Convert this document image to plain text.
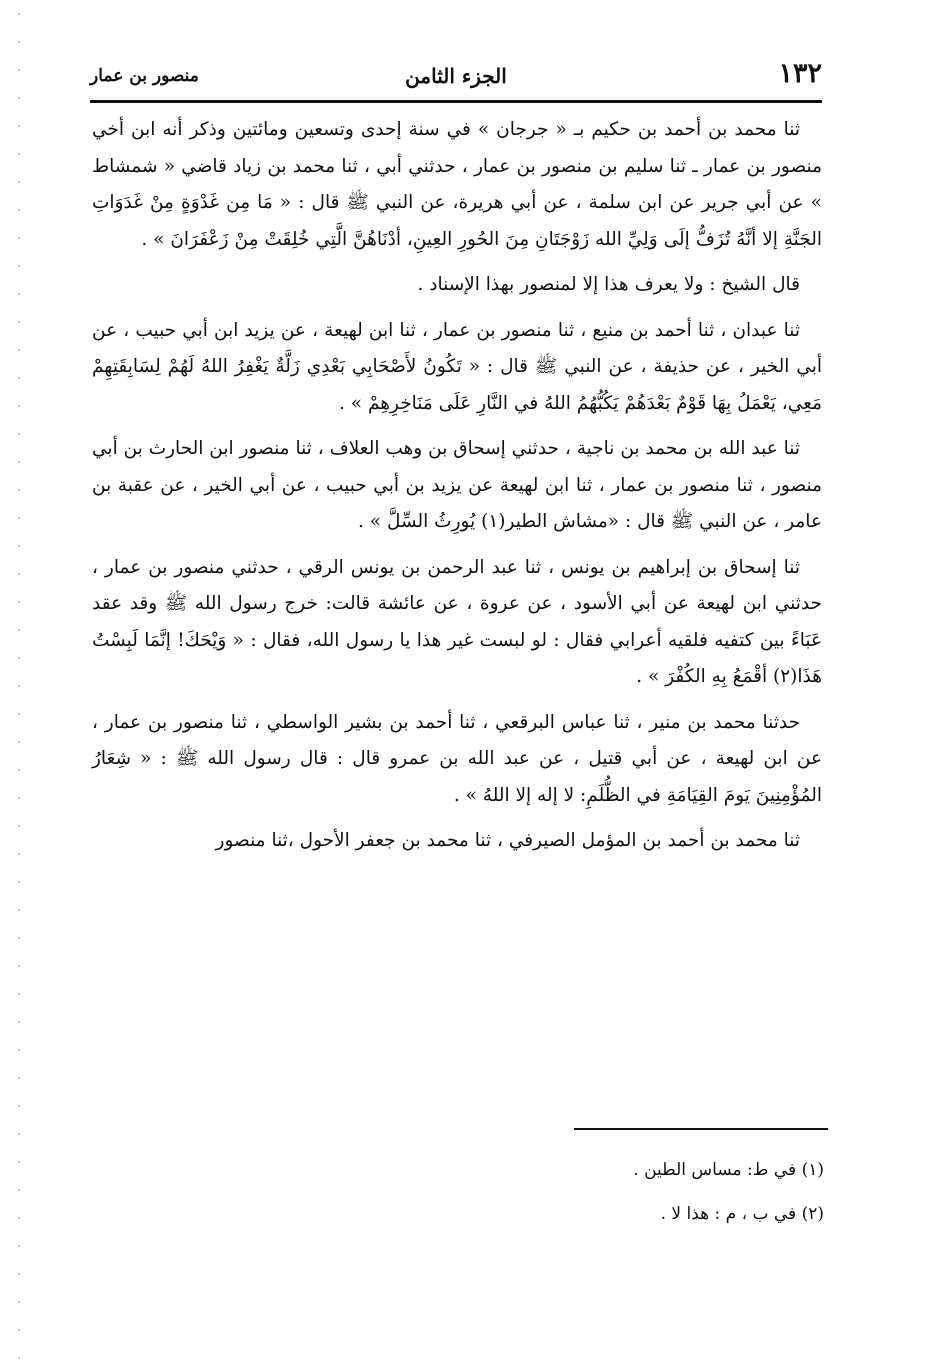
١٣٢
الجزء الثامن
منصور بن عمار

ثنا محمد بن أحمد بن حكيم بـ « جرجان » في سنة إحدى وتسعين ومائتين وذكر أنه ابن أخي منصور بن عمار ـ ثنا سليم بن منصور بن عمار ، حدثني أبي ، ثنا محمد بن زياد قاضي « شمشاط » عن أبي جرير عن ابن سلمة ، عن أبي هريرة، عن النبي ﷺ قال : « مَا مِن غَدْوَةٍ مِنْ غَدَوَاتِ الجَنَّةِ إلا أنَّهُ تُزَفُّ إلَى وَلِيِّ الله زَوْجَتَانِ مِنَ الحُورِ العِينِ، أدْنَاهُنَّ الَّتِي خُلِقَتْ مِنْ زَعْفَرَانَ » .

قال الشيخ : ولا يعرف هذا إلا لمنصور بهذا الإسناد .

ثنا عبدان ، ثنا أحمد بن منيع ، ثنا منصور بن عمار ، ثنا ابن لهيعة ، عن يزيد ابن أبي حبيب ، عن أبي الخير ، عن حذيفة ، عن النبي ﷺ قال : « تَكُونُ لأَصْحَابِي بَعْدِي زَلَّةٌ يَغْفِرُ اللهُ لَهُمْ لِسَابِقَتِهِمْ مَعِي، يَعْمَلُ بِهَا قَوْمٌ بَعْدَهُمْ يَكُبُّهُمُ اللهُ في النَّارِ عَلَى مَنَاخِرِهِمْ » .

ثنا عبد الله بن محمد بن ناجية ، حدثني إسحاق بن وهب العلاف ، ثنا منصور ابن الحارث بن أبي منصور ، ثنا منصور بن عمار ، ثنا ابن لهيعة عن يزيد بن أبي حبيب ، عن أبي الخير ، عن عقبة بن عامر ، عن النبي ﷺ قال : «مشاش الطير(١) يُورِثُ السِّلَّ » .

ثنا إسحاق بن إبراهيم بن يونس ، ثنا عبد الرحمن بن يونس الرقي ، حدثني منصور بن عمار ، حدثني ابن لهيعة عن أبي الأسود ، عن عروة ، عن عائشة قالت: خرج رسول الله ﷺ وقد عقد عَبَاءً بين كتفيه فلقيه أعرابي فقال : لو لبست غير هذا يا رسول الله، فقال : « وَيْحَكَ! إنَّمَا لَبِسْتُ هَذَا(٢) أقْمَعُ بِهِ الكُفْرَ » .

حدثنا محمد بن منير ، ثنا عباس البرقعي ، ثنا أحمد بن بشير الواسطي ، ثنا منصور بن عمار ، عن ابن لهيعة ، عن أبي قتيل ، عن عبد الله بن عمرو قال : قال رسول الله ﷺ : « شِعَارُ المُؤْمِنِينَ يَومَ القِيَامَةِ في الظُّلَمِ: لا إله إلا اللهُ » .

ثنا محمد بن أحمد بن المؤمل الصيرفي ، ثنا محمد بن جعفر الأحول ،ثنا منصور

(١) في ط: مساس الطين .
(٢) في ب ، م : هذا لا .
